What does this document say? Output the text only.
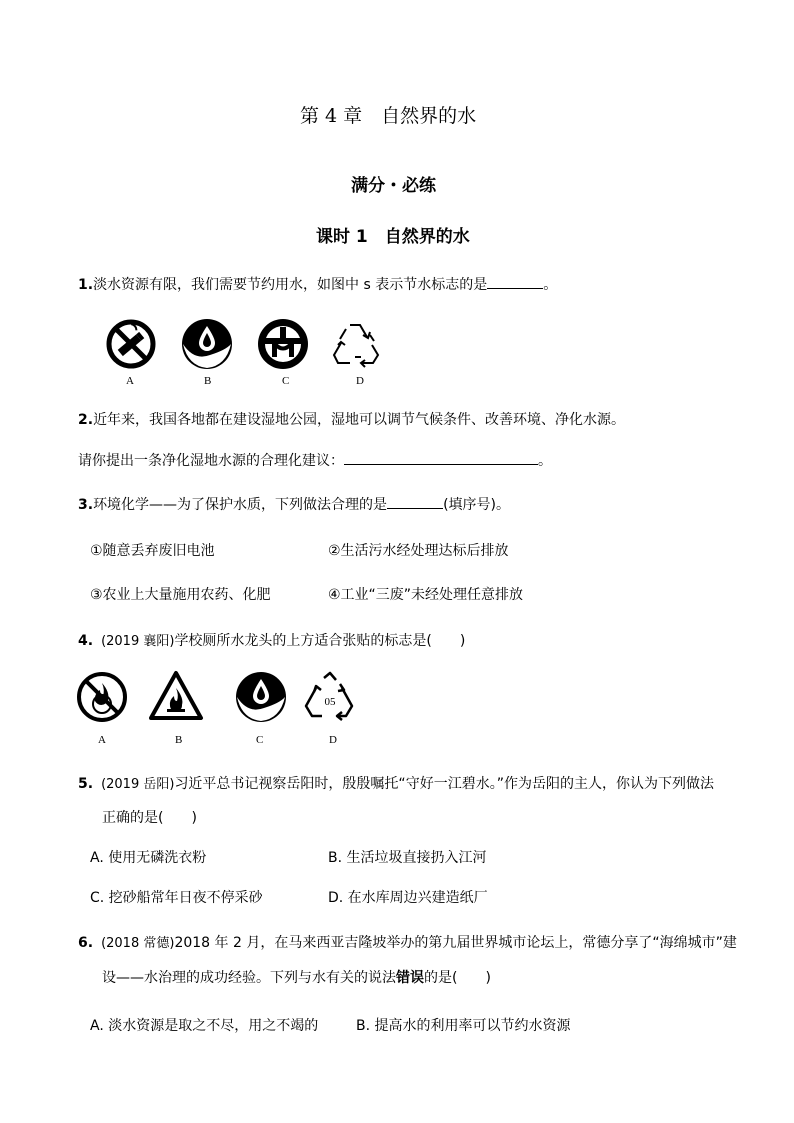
第 4 章　自然界的水
满分・必练
课时 1　自然界的水
1.淡水资源有限，我们需要节约用水，如图中 s 表示节水标志的是	。
A	B	C	D
2.近年来，我国各地都在建设湿地公园，湿地可以调节气候条件、改善环境、净化水源。
请你提出一条净化湿地水源的合理化建议：	。
3.环境化学——为了保护水质，下列做法合理的是	(填序号)。
①随意丢弃废旧电池	②生活污水经处理达标后排放
③农业上大量施用农药、化肥	④工业“三废”未经处理任意排放
4. (2019 襄阳)学校厕所水龙头的上方适合张贴的标志是(　　)
A	B	C
05
D
5. (2019 岳阳)习近平总书记视察岳阳时，殷殷嘱托“守好一江碧水。”作为岳阳的主人，你认为下列做法
正确的是(　　)
A. 使用无磷洗衣粉	B. 生活垃圾直接扔入江河
C. 挖砂船常年日夜不停采砂	D. 在水库周边兴建造纸厂
6. (2018 常德)2018 年 2 月，在马来西亚吉隆坡举办的第九届世界城市论坛上，常德分享了“海绵城市”建
设——水治理的成功经验。下列与水有关的说法错误的是(　　)
A. 淡水资源是取之不尽，用之不竭的	B. 提高水的利用率可以节约水资源
